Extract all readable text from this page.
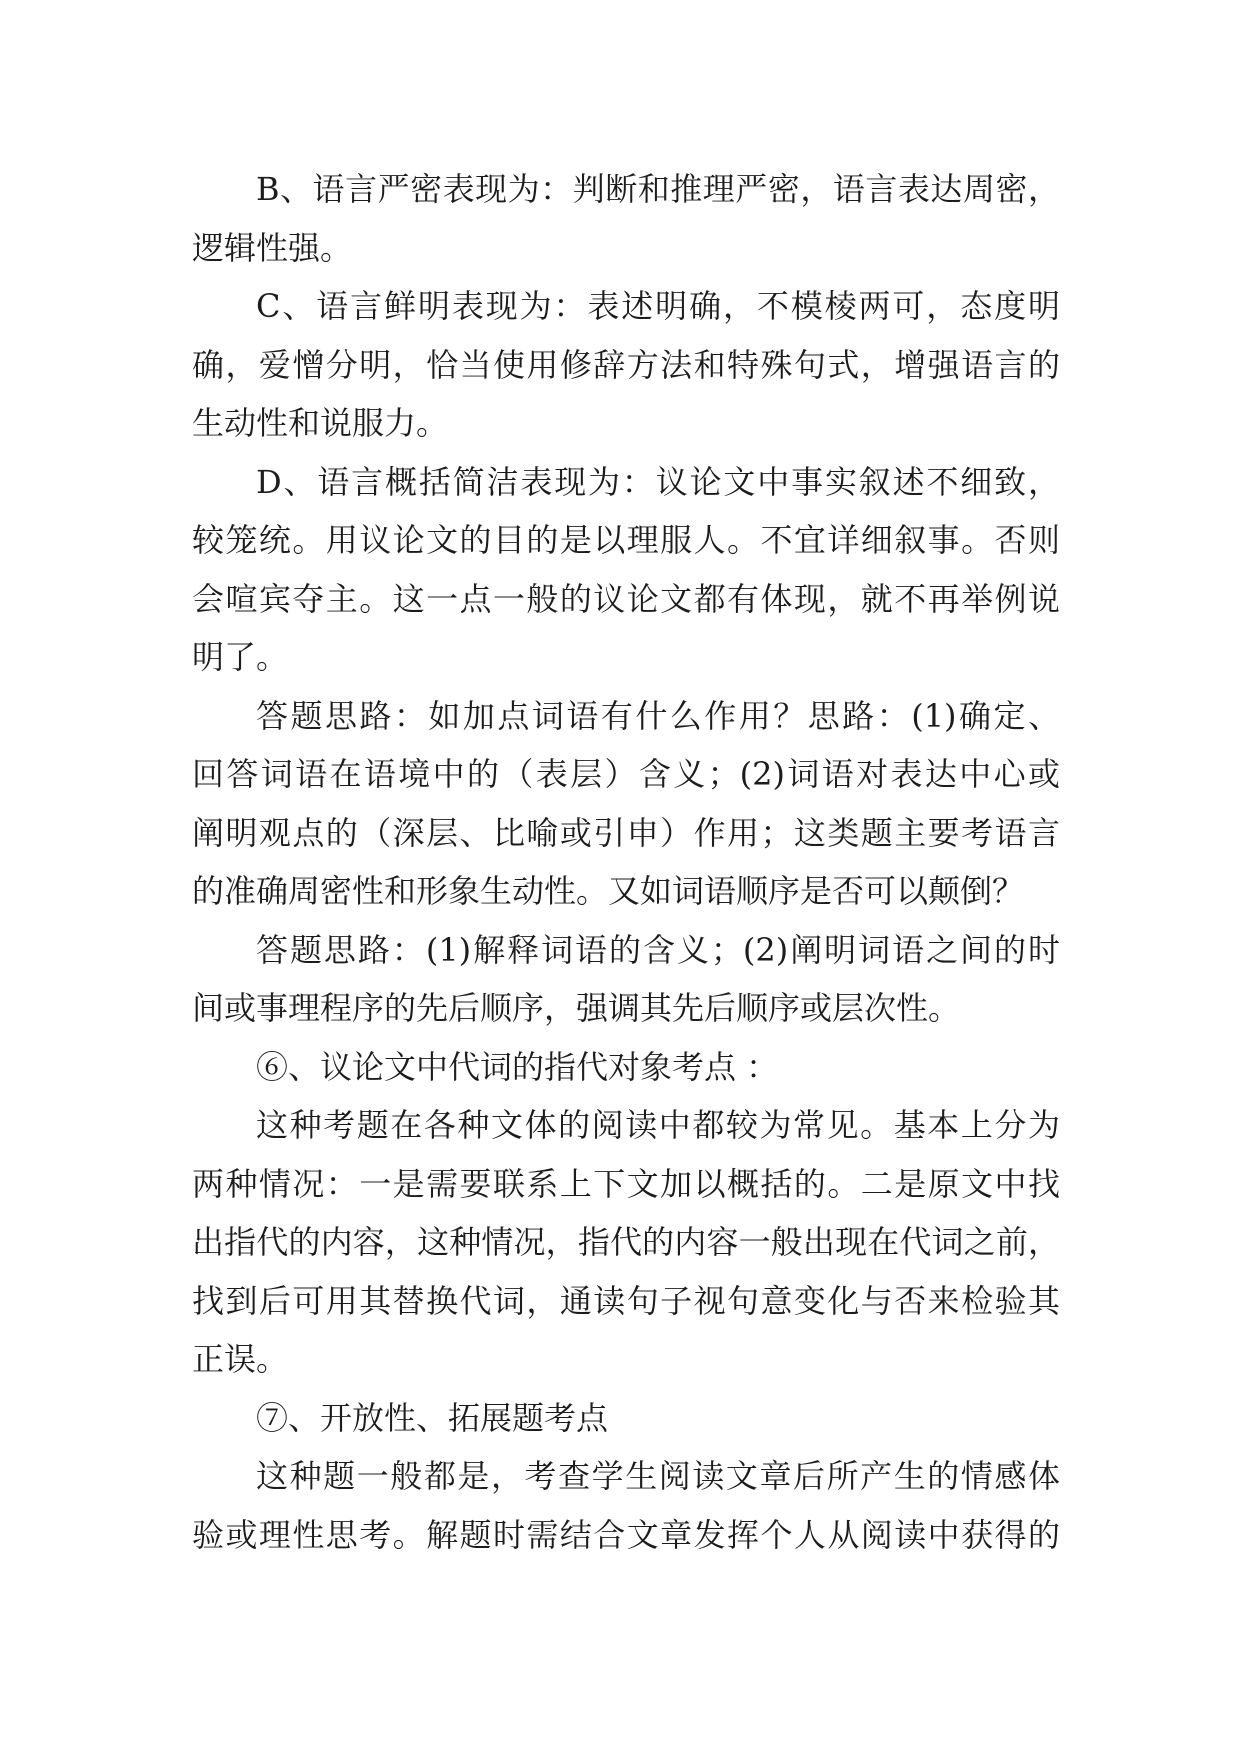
B、语言严密表现为：判断和推理严密，语言表达周密，
逻辑性强。
C、语言鲜明表现为：表述明确，不模棱两可，态度明
确，爱憎分明，恰当使用修辞方法和特殊句式，增强语言的
生动性和说服力。
D、语言概括简洁表现为：议论文中事实叙述不细致，
较笼统。用议论文的目的是以理服人。不宜详细叙事。否则
会喧宾夺主。这一点一般的议论文都有体现，就不再举例说
明了。
答题思路：如加点词语有什么作用？思路：(1)确定、
回答词语在语境中的（表层）含义；(2)词语对表达中心或
阐明观点的（深层、比喻或引申）作用；这类题主要考语言
的准确周密性和形象生动性。又如词语顺序是否可以颠倒？
答题思路：(1)解释词语的含义；(2)阐明词语之间的时
间或事理程序的先后顺序，强调其先后顺序或层次性。
⑥、议论文中代词的指代对象考点 ：
这种考题在各种文体的阅读中都较为常见。基本上分为
两种情况：一是需要联系上下文加以概括的。二是原文中找
出指代的内容，这种情况，指代的内容一般出现在代词之前，
找到后可用其替换代词，通读句子视句意变化与否来检验其
正误。
⑦、开放性、拓展题考点
这种题一般都是，考查学生阅读文章后所产生的情感体
验或理性思考。解题时需结合文章发挥个人从阅读中获得的
